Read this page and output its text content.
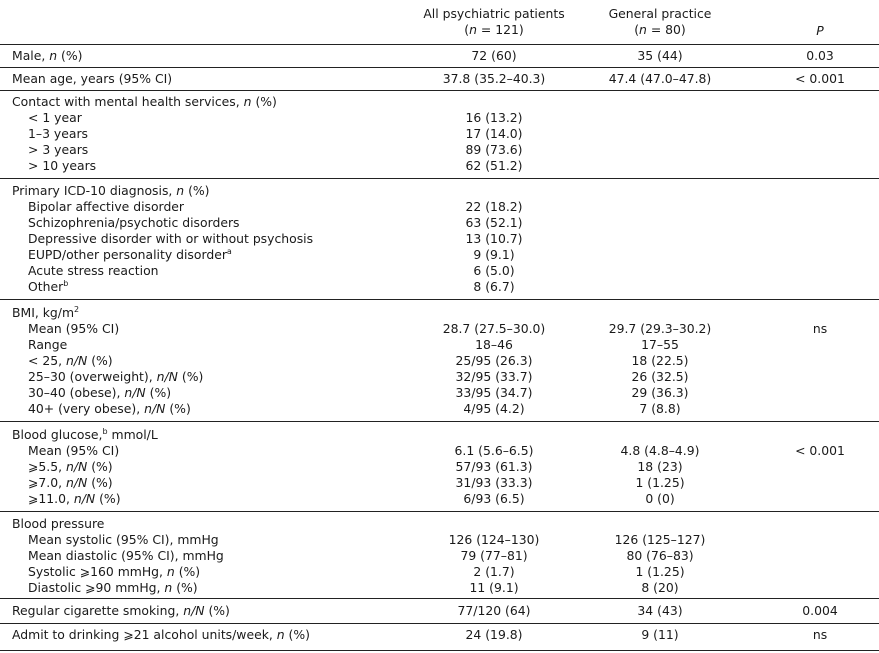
All psychiatric patients
(n = 121)
General practice
(n = 80)	P
Male, n (%)	72 (60)	35 (44)	0.03
Mean age, years (95% CI)	37.8 (35.2–40.3)	47.4 (47.0–47.8)	< 0.001
Contact with mental health services, n (%)
< 1 year	16 (13.2)
1–3 years	17 (14.0)
> 3 years	89 (73.6)
> 10 years	62 (51.2)
Primary ICD-10 diagnosis, n (%)
Bipolar affective disorder	22 (18.2)
Schizophrenia/psychotic disorders	63 (52.1)
Depressive disorder with or without psychosis	13 (10.7)
EUPD/other personality disorder$^a$	9 (9.1)
Acute stress reaction	6 (5.0)
Other$^b$	8 (6.7)
BMI, $kg/m^2$
Mean (95% CI)	28.7 (27.5–30.0)	29.7 (29.3–30.2)	ns
Range	18–46	17–55
< 25, n/N (%)	25/95 (26.3)	18 (22.5)
25–30 (overweight), n/N (%)	32/95 (33.7)	26 (32.5)
30–40 (obese), n/N (%)	33/95 (34.7)	29 (36.3)
40+ (very obese), n/N (%)	4/95 (4.2)	7 (8.8)
Blood glucose,$^b$ mmol/L
Mean (95% CI)	6.1 (5.6–6.5)	4.8 (4.8–4.9)	< 0.001
⩾5.5, n/N (%)	57/93 (61.3)	18 (23)
⩾7.0, n/N (%)	31/93 (33.3)	1 (1.25)
⩾11.0, n/N (%)	6/93 (6.5)	0 (0)
Blood pressure
Mean systolic (95% CI), mmHg	126 (124–130)	126 (125–127)
Mean diastolic (95% CI), mmHg	79 (77–81)	80 (76–83)
Systolic ⩾160 mmHg, n (%)	2 (1.7)	1 (1.25)
Diastolic ⩾90 mmHg, n (%)	11 (9.1)	8 (20)
Regular cigarette smoking, n/N (%)	77/120 (64)	34 (43)	0.004
Admit to drinking ⩾21 alcohol units/week, n (%)	24 (19.8)	9 (11)	ns
